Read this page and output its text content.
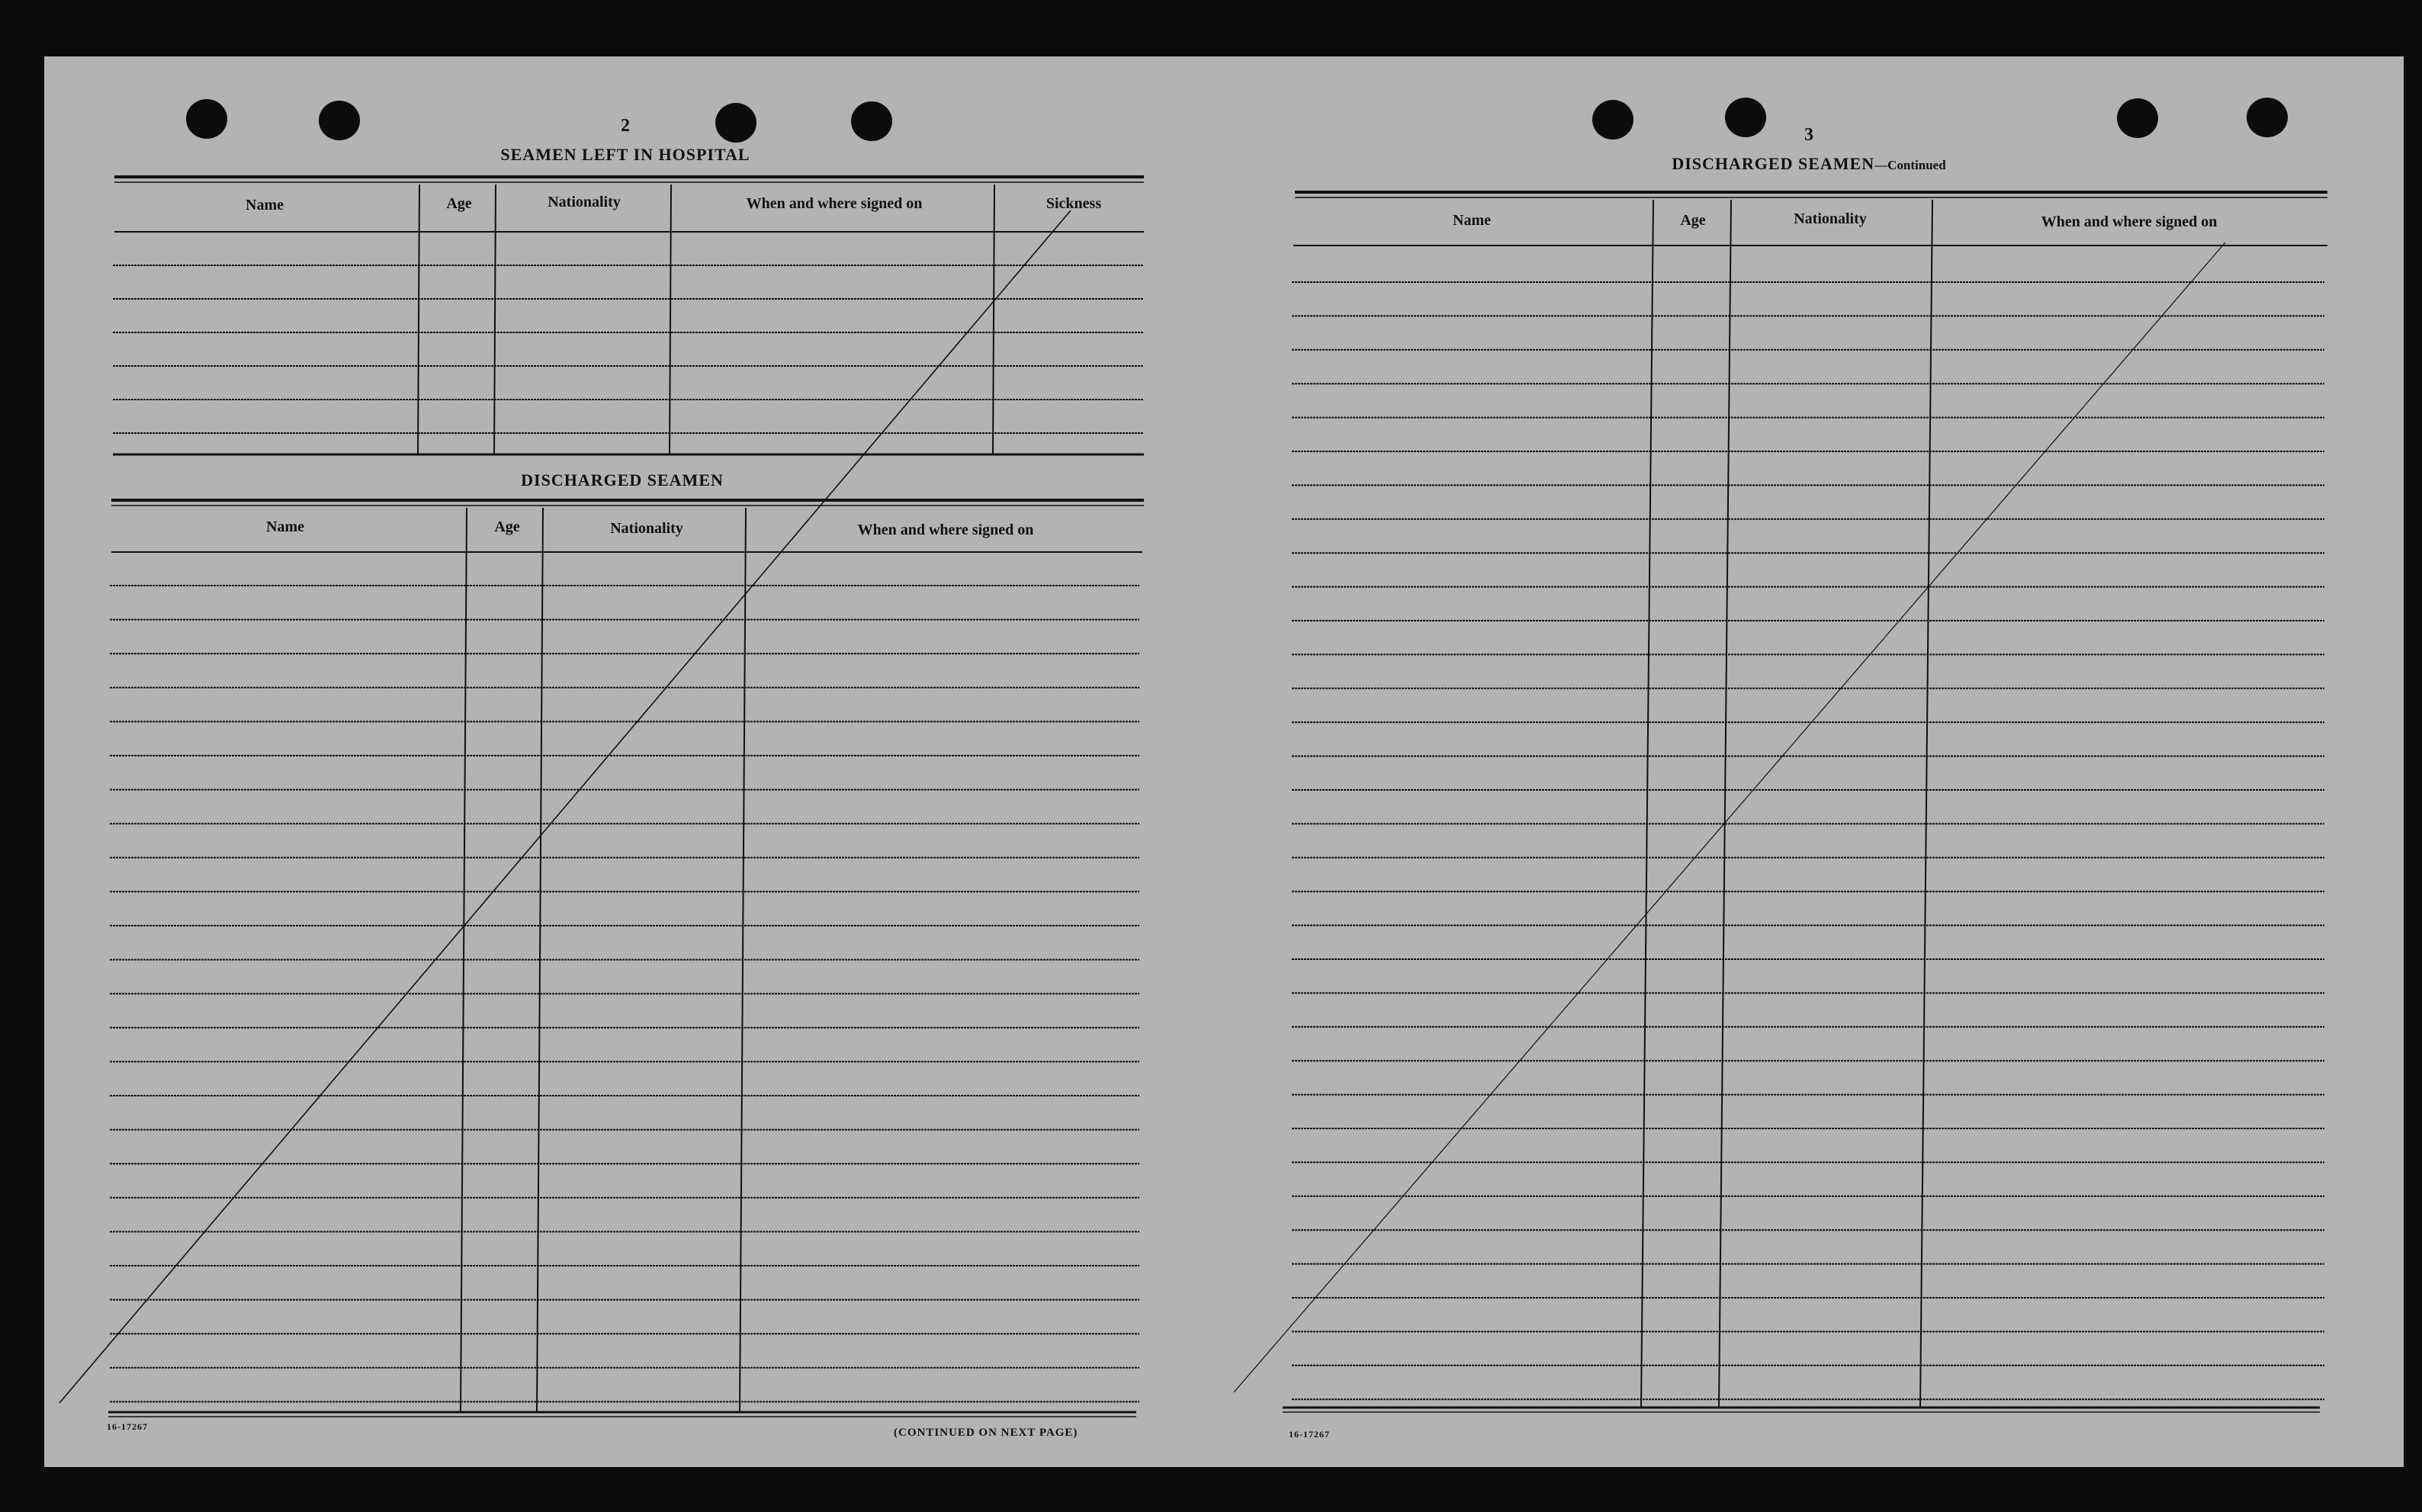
2
SEAMEN LEFT IN HOSPITAL
Name	Age	Nationality	When and where signed on	Sickness
DISCHARGED SEAMEN
Name	Age	Nationality	When and where signed on
16-17267	(CONTINUED ON NEXT PAGE)
3
DISCHARGED SEAMEN—Continued
Name	Age	Nationality	When and where signed on
16-17267
